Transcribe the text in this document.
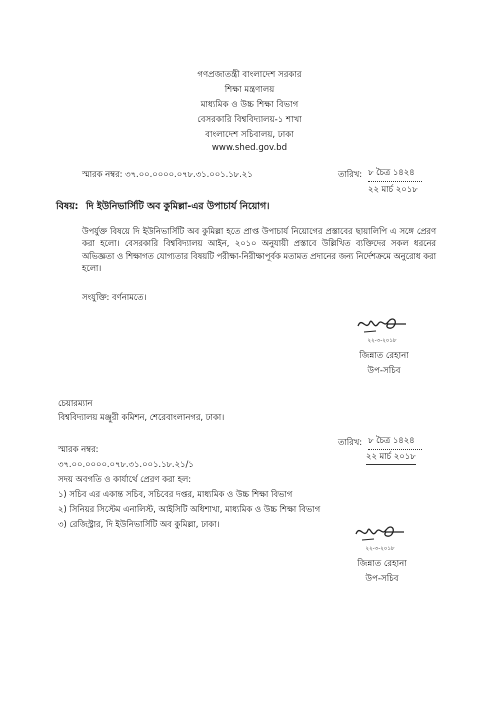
গণপ্রজাতন্ত্রী বাংলাদেশ সরকার
শিক্ষা মন্ত্রণালয়
মাধ্যমিক ও উচ্চ শিক্ষা বিভাগ
বেসরকারি বিশ্ববিদ্যালয়-১ শাখা
বাংলাদেশ সচিবালয়, ঢাকা
www.shed.gov.bd
স্মারক নম্বর: ৩৭.০০.০০০০.০৭৮.৩১.০০১.১৮.২১	তারিখ: ৮ চৈত্র ১৪২৪
২২ মার্চ ২০১৮
বিষয়: দি ইউনিভার্সিটি অব কুমিল্লা-এর উপাচার্য নিয়োগ।
উপর্যুক্ত বিষয়ে দি ইউনিভার্সিটি অব কুমিল্লা হতে প্রাপ্ত উপাচার্য নিয়োগের প্রস্তাবের ছায়ালিপি এ সঙ্গে প্রেরণ করা হলো। বেসরকারি বিশ্ববিদ্যালয় আইন, ২০১০ অনুযায়ী প্রস্তাবে উল্লিখিত ব্যক্তিদের সকল ধরনের অভিজ্ঞতা ও শিক্ষাগত যোগ্যতার বিষয়টি পরীক্ষা-নিরীক্ষাপূর্বক মতামত প্রদানের জন্য নির্দেশক্রমে অনুরোধ করা হলো।
সংযুক্তি: বর্ণনামতে।
২২-৩-২০১৮
জিন্নাত রেহানা
উপ-সচিব
চেয়ারম্যান
বিশ্ববিদ্যালয় মঞ্জুরী কমিশন, শেরেবাংলানগর, ঢাকা।
স্মারক নম্বর:
তারিখ: ৮ চৈত্র ১৪২৪
২২ মার্চ ২০১৮
৩৭.০০.০০০০.০৭৮.৩১.০০১.১৮.২১/১
সদয় অবগতি ও কার্যার্থে প্রেরণ করা হল:
১) সচিব এর একান্ত সচিব, সচিবের দপ্তর, মাধ্যমিক ও উচ্চ শিক্ষা বিভাগ
২) সিনিয়র সিস্টেম এনালিস্ট, আইসিটি অধিশাখা, মাধ্যমিক ও উচ্চ শিক্ষা বিভাগ
৩) রেজিস্ট্রার, দি ইউনিভার্সিটি অব কুমিল্লা, ঢাকা।
২২-৩-২০১৮
জিন্নাত রেহানা
উপ-সচিব
